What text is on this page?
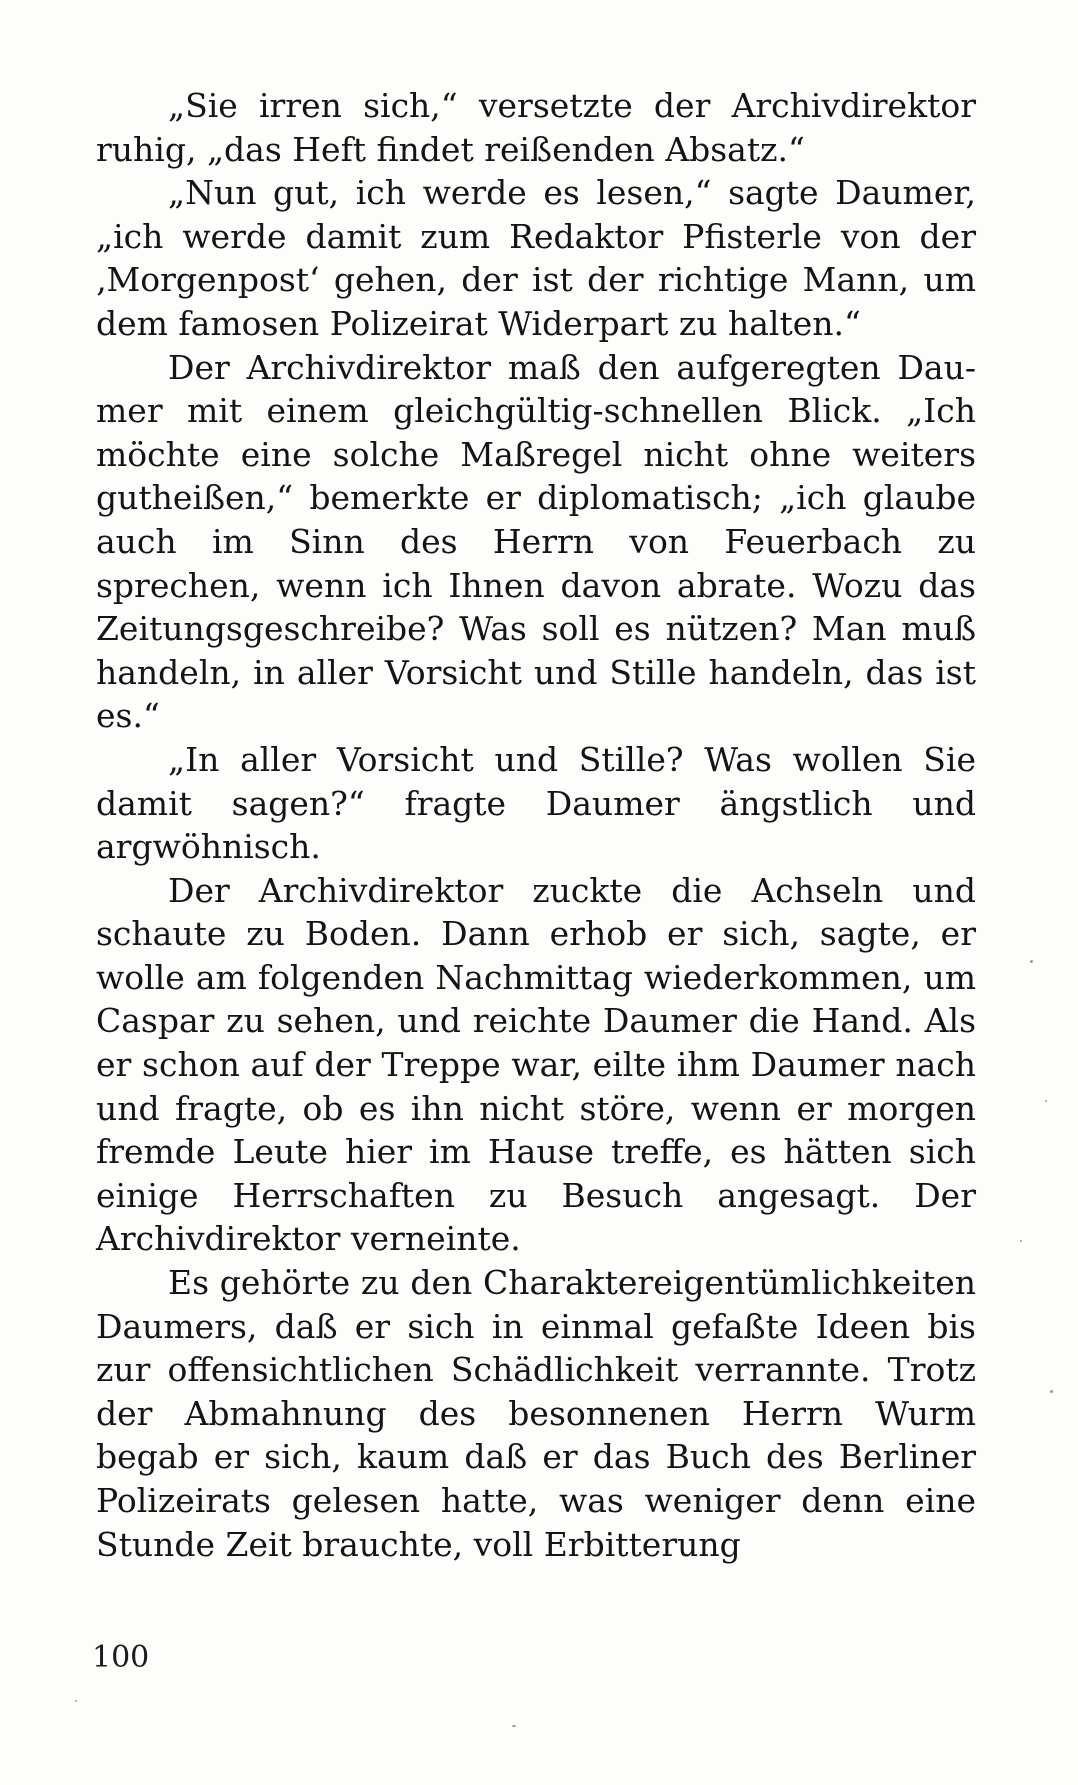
„Sie irren sich,“ versetzte der Archivdirektor ruhig, „das Heft findet reißenden Absatz.“

„Nun gut, ich werde es lesen,“ sagte Daumer, „ich werde damit zum Redaktor Pfisterle von der ‚Morgenpost‘ gehen, der ist der richtige Mann, um dem famosen Polizeirat Widerpart zu halten.“

Der Archivdirektor maß den aufgeregten Daumer mit einem gleichgültig-schnellen Blick. „Ich möchte eine solche Maßregel nicht ohne weiters gutheißen,“ bemerkte er diplomatisch; „ich glaube auch im Sinn des Herrn von Feuerbach zu sprechen, wenn ich Ihnen davon abrate. Wozu das Zeitungsgeschreibe? Was soll es nützen? Man muß handeln, in aller Vorsicht und Stille handeln, das ist es.“

„In aller Vorsicht und Stille? Was wollen Sie damit sagen?“ fragte Daumer ängstlich und argwöhnisch.

Der Archivdirektor zuckte die Achseln und schaute zu Boden. Dann erhob er sich, sagte, er wolle am folgenden Nachmittag wiederkommen, um Caspar zu sehen, und reichte Daumer die Hand. Als er schon auf der Treppe war, eilte ihm Daumer nach und fragte, ob es ihn nicht störe, wenn er morgen fremde Leute hier im Hause treffe, es hätten sich einige Herrschaften zu Besuch angesagt. Der Archivdirektor verneinte.

Es gehörte zu den Charaktereigentümlichkeiten Daumers, daß er sich in einmal gefaßte Ideen bis zur offensichtlichen Schädlichkeit verrannte. Trotz der Abmahnung des besonnenen Herrn Wurm begab er sich, kaum daß er das Buch des Berliner Polizeirats gelesen hatte, was weniger denn eine Stunde Zeit brauchte, voll Erbitterung

100
